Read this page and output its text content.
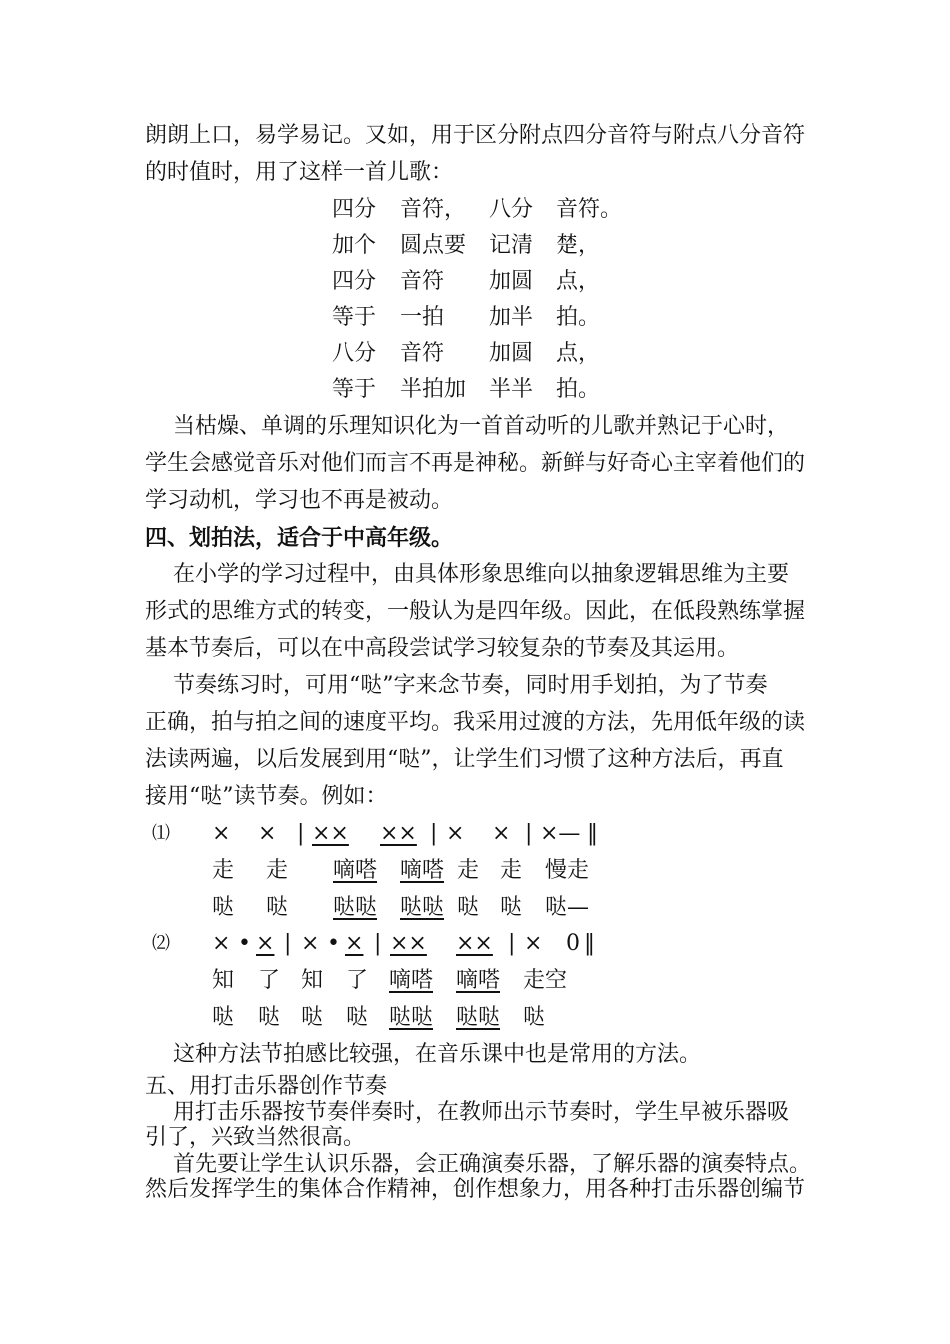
朗朗上口，易学易记。又如，用于区分附点四分音符与附点八分音符

的时值时，用了这样一首儿歌：

四分 音符， 八分 音符。
加个 圆点要 记清 楚，
四分 音符 加圆 点，
等于 一拍 加半 拍。
八分 音符 加圆 点，
等于 半拍加 半半 拍。

当枯燥、单调的乐理知识化为一首首动听的儿歌并熟记于心时，

学生会感觉音乐对他们而言不再是神秘。新鲜与好奇心主宰着他们的

学习动机，学习也不再是被动。

四、划拍法，适合于中高年级。

在小学的学习过程中，由具体形象思维向以抽象逻辑思维为主要

形式的思维方式的转变，一般认为是四年级。因此，在低段熟练掌握

基本节奏后，可以在中高段尝试学习较复杂的节奏及其运用。

节奏练习时，可用“哒”字来念节奏，同时用手划拍，为了节奏

正确，拍与拍之间的速度平均。我采用过渡的方法，先用低年级的读

法读两遍，以后发展到用“哒”，让学生们习惯了这种方法后，再直

接用“哒”读节奏。例如：

⑴ × × | ×× ×× | × × | ×— ‖
走 走 嘀嗒 嘀嗒 走 走 慢走
哒 哒 哒哒 哒哒 哒 哒 哒—
⑵ × • × | × • × | ×× ×× | × 0 ‖
知 了 知 了 嘀嗒 嘀嗒 走空
哒 哒 哒 哒 哒哒 哒哒 哒

这种方法节拍感比较强，在音乐课中也是常用的方法。

五、用打击乐器创作节奏

用打击乐器按节奏伴奏时，在教师出示节奏时，学生早被乐器吸

引了，兴致当然很高。

首先要让学生认识乐器，会正确演奏乐器，了解乐器的演奏特点。

然后发挥学生的集体合作精神，创作想象力，用各种打击乐器创编节
